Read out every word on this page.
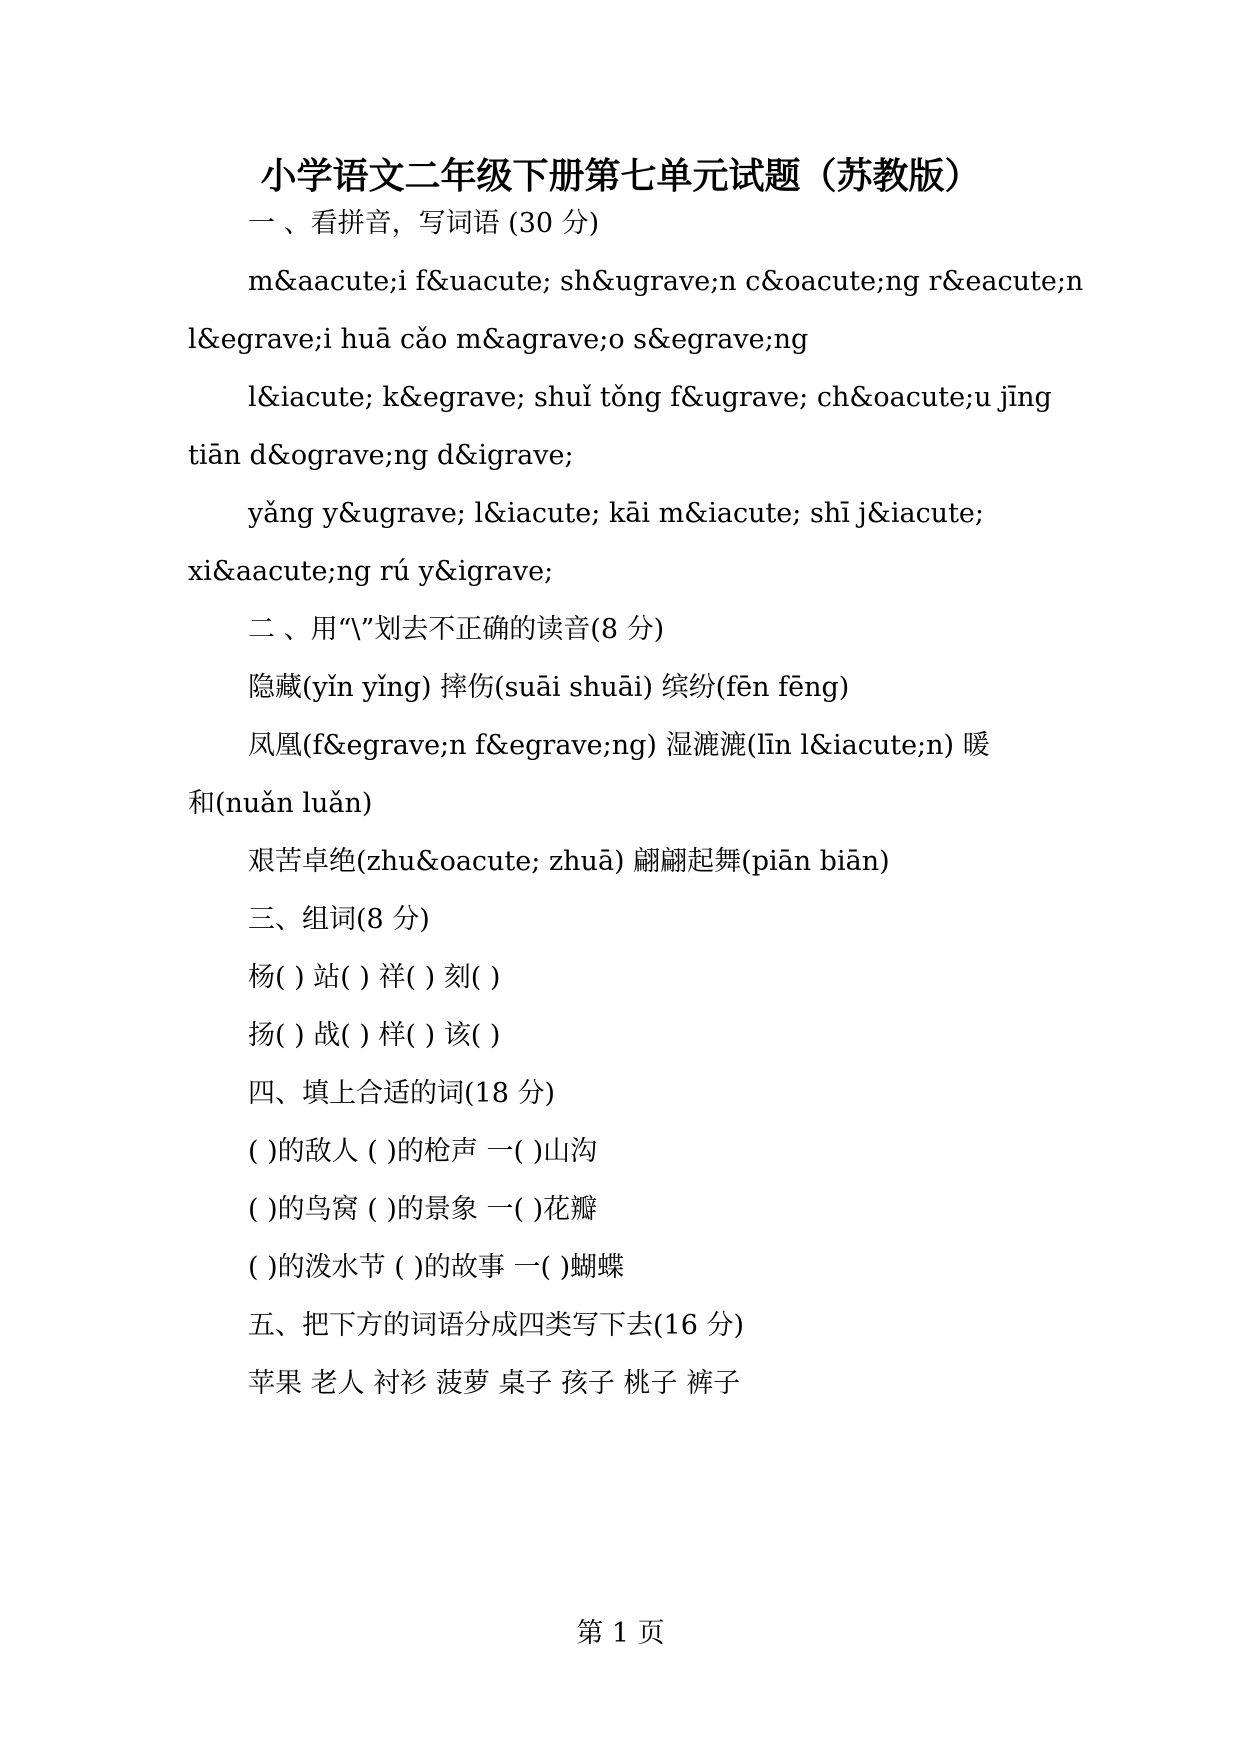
小学语文二年级下册第七单元试题（苏教版）
一 、看拼音，写词语 (30 分)
m&aacute;i f&uacute; sh&ugrave;n c&oacute;ng r&eacute;n
l&egrave;i huā cǎo m&agrave;o s&egrave;ng
l&iacute; k&egrave; shuǐ tǒng f&ugrave; ch&oacute;u jīng
tiān d&ograve;ng d&igrave;
yǎng y&ugrave; l&iacute; kāi m&iacute; shī j&iacute;
xi&aacute;ng rú y&igrave;
二 、用“\”划去不正确的读音(8 分)
隐藏(yǐn yǐng) 摔伤(suāi shuāi) 缤纷(fēn fēng)
凤凰(f&egrave;n f&egrave;ng) 湿漉漉(līn l&iacute;n) 暖
和(nuǎn luǎn)
艰苦卓绝(zhu&oacute; zhuā) 翩翩起舞(piān biān)
三、组词(8 分)
杨( ) 站( ) 祥( ) 刻( )
扬( ) 战( ) 样( ) 该( )
四、填上合适的词(18 分)
( )的敌人 ( )的枪声 一( )山沟
( )的鸟窝 ( )的景象 一( )花瓣
( )的泼水节 ( )的故事 一( )蝴蝶
五、把下方的词语分成四类写下去(16 分)
苹果 老人 衬衫 菠萝 桌子 孩子 桃子 裤子
第 1 页
